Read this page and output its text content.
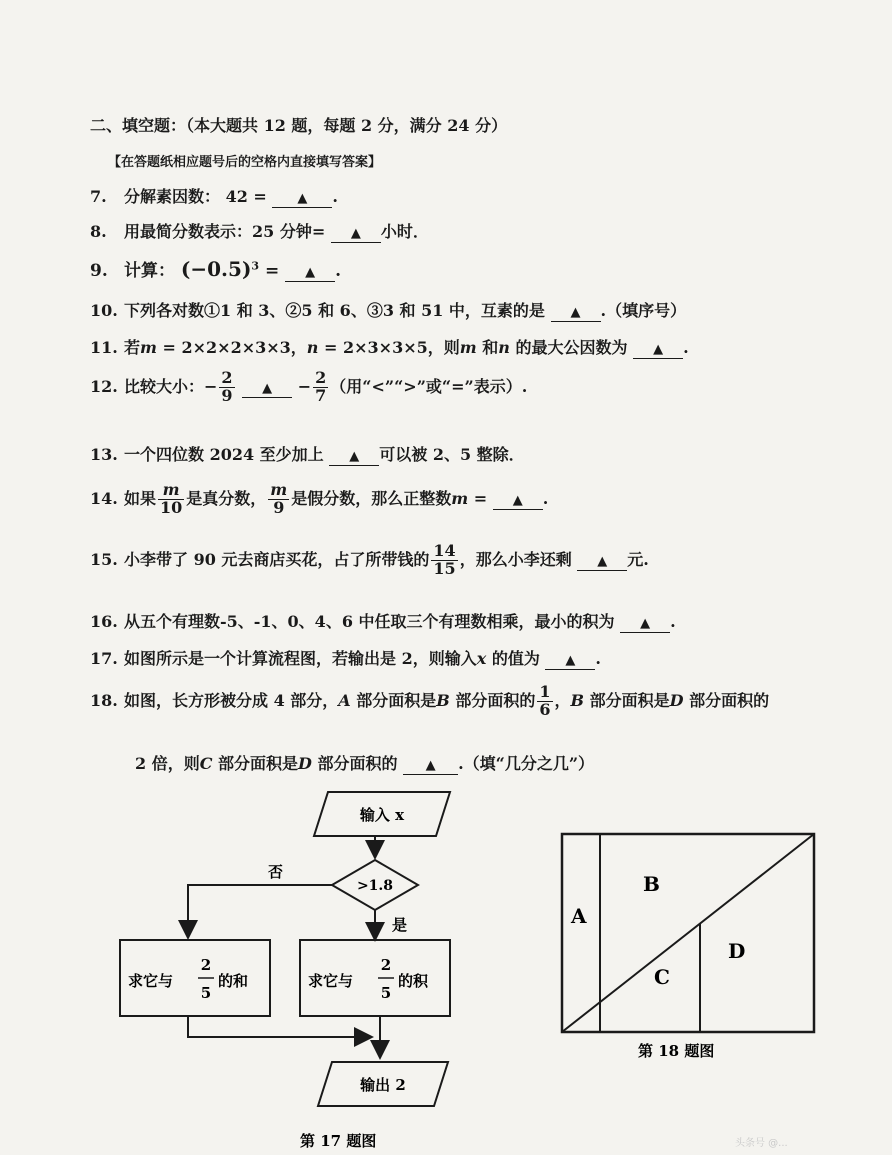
二、填空题：（本大题共 12 题，每题 2 分，满分 24 分）
【在答题纸相应题号后的空格内直接填写答案】
7. 分解素因数： 42 = ▲ .
8. 用最简分数表示：25 分钟= ▲ 小时．
9. 计算： $(-0.5)^3$ = ▲ .
10. 下列各对数①1 和 3、②5 和 6、③3 和 51 中，互素的是 ▲ .（填序号）
11. 若m = 2×2×2×3×3，n = 2×3×3×5，则m 和n 的最大公因数为 ▲ .
12. 比较大小：− $\frac{2}{9}$ ▲ − $\frac{2}{7}$ （用“<”“>”或“=”表示）.
13. 一个四位数 2024 至少加上 ▲ 可以被 2、5 整除．
14. 如果 $\frac{m}{10}$ 是真分数， $\frac{m}{9}$ 是假分数，那么正整数m = ▲ .
15. 小李带了 90 元去商店买花，占了所带钱的 $\frac{14}{15}$ ，那么小李还剩 ▲ 元.
16. 从五个有理数-5、-1、0、4、6 中任取三个有理数相乘，最小的积为 ▲ .
17. 如图所示是一个计算流程图，若输出是 2，则输入x 的值为 ▲ .
18. 如图，长方形被分成 4 部分，A 部分面积是B 部分面积的 $\frac{1}{6}$ ，B 部分面积是D 部分面积的
2 倍，则C 部分面积是D 部分面积的 ▲ .（填“几分之几”）
输入 x
>1.8
否
是
求它与
2
5
的和	求它与
2
5
的积
输出 2
第 17 题图
A
B
C
D
第 18 题图
头条号 @...
